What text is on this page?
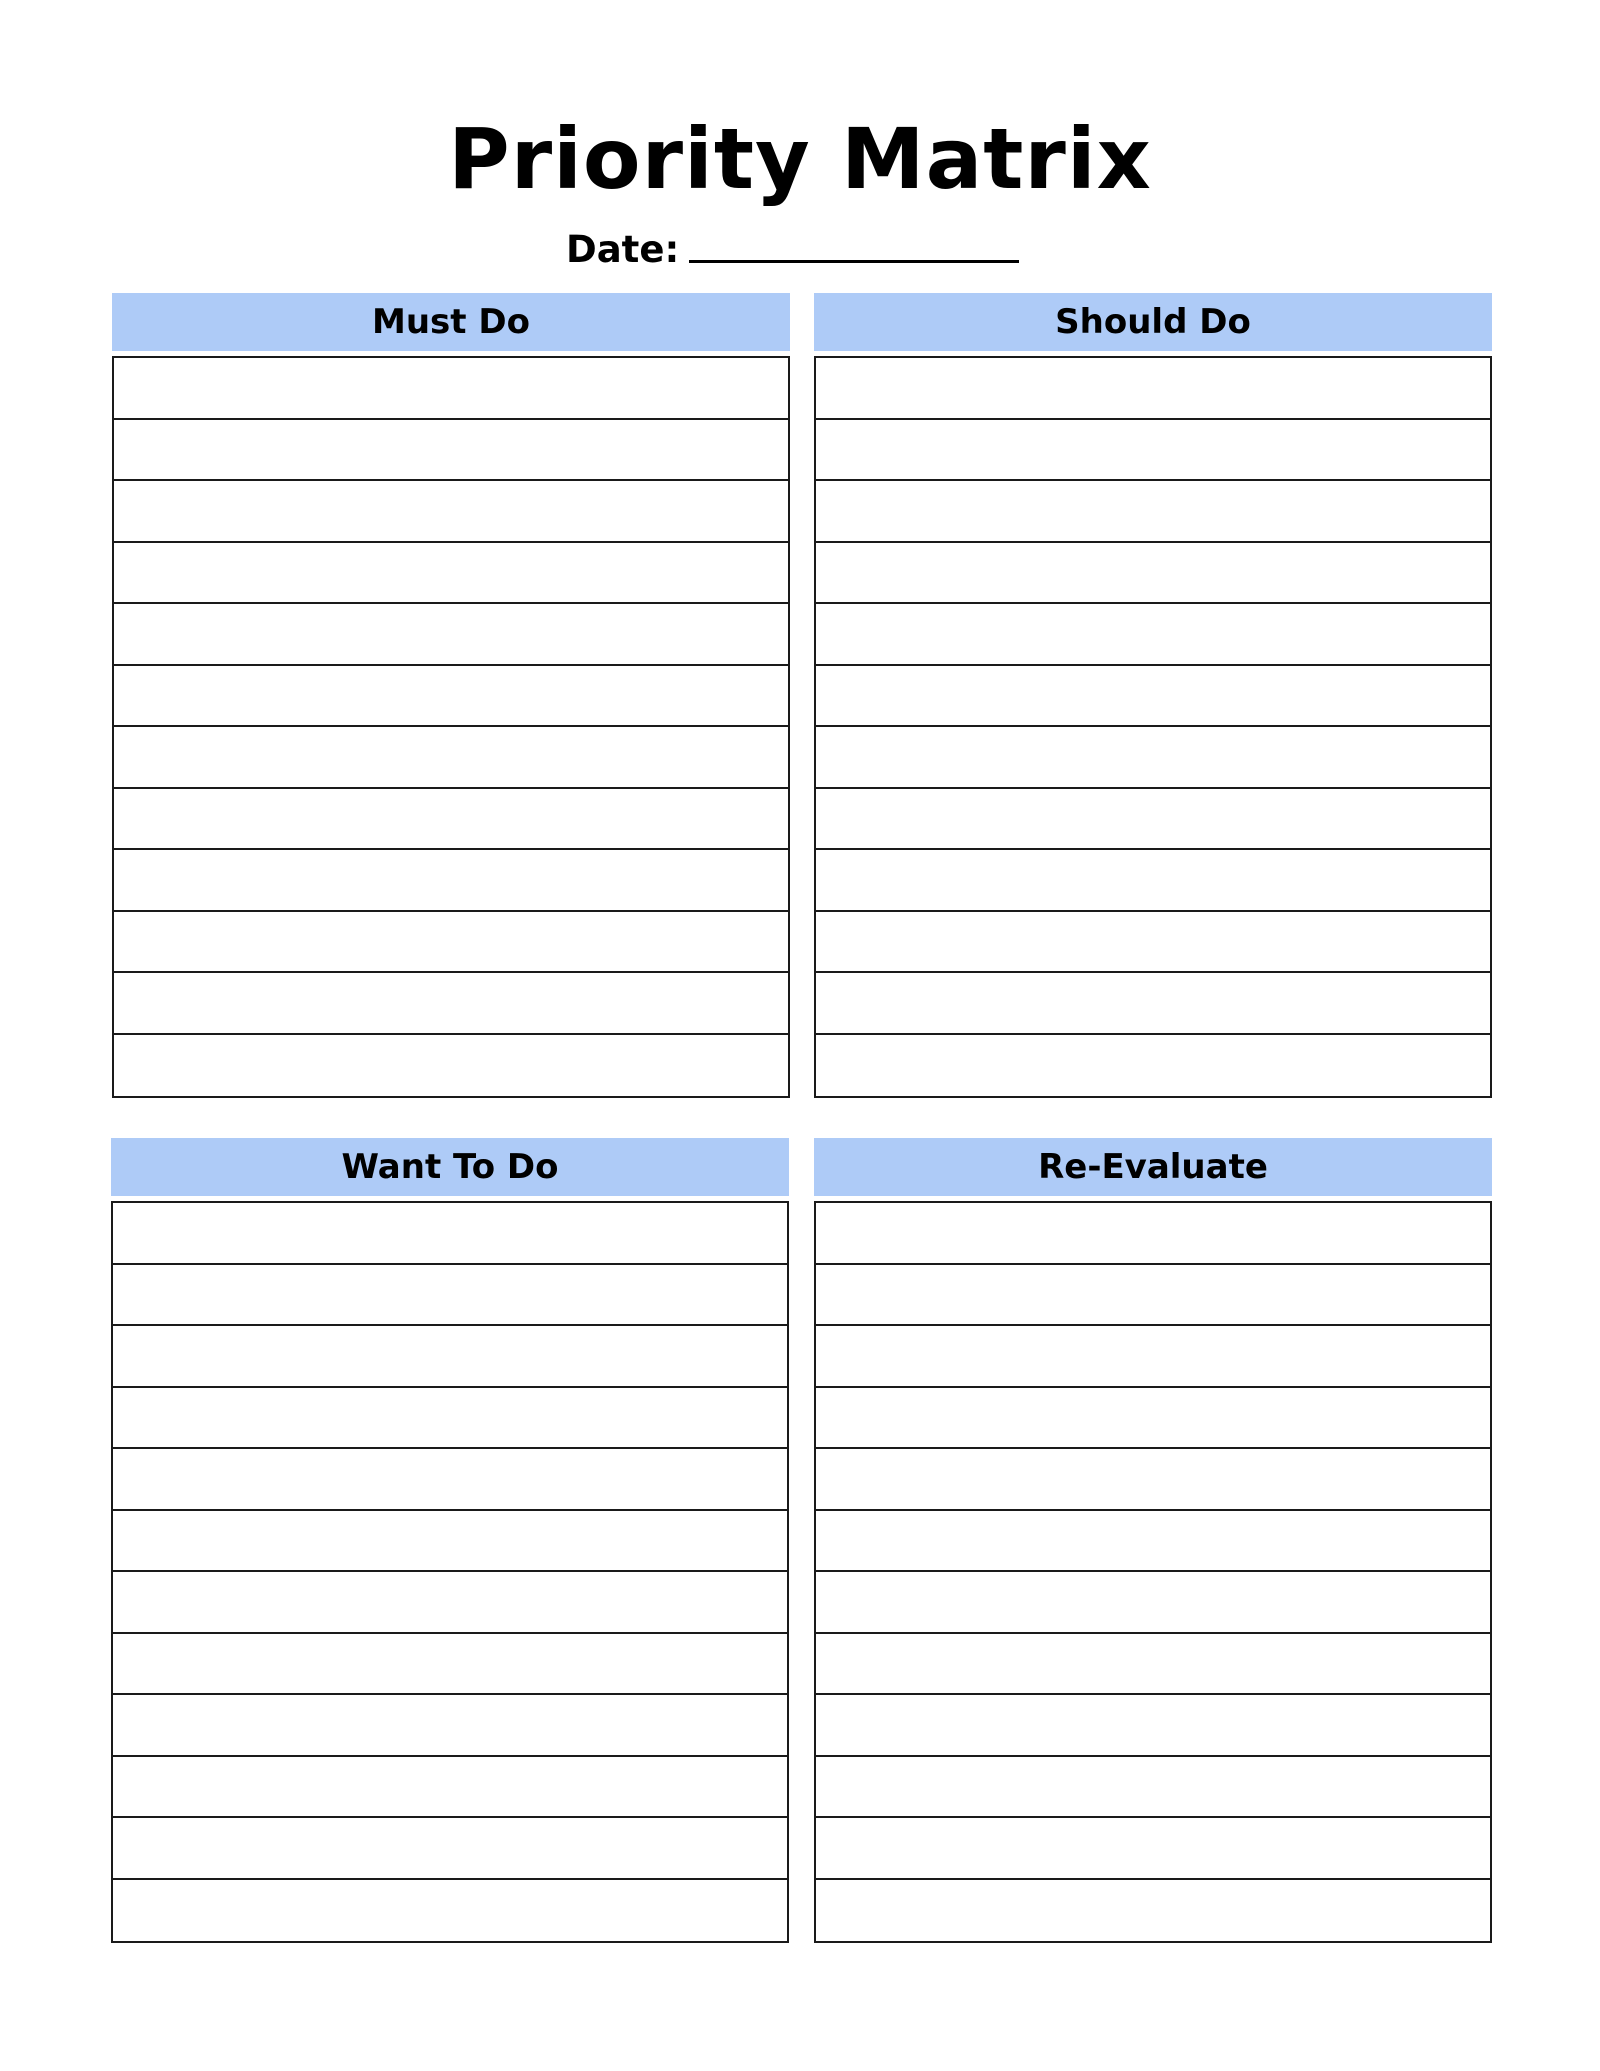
Priority Matrix
Date:
Must Do	Should Do
Want To Do	Re-Evaluate
